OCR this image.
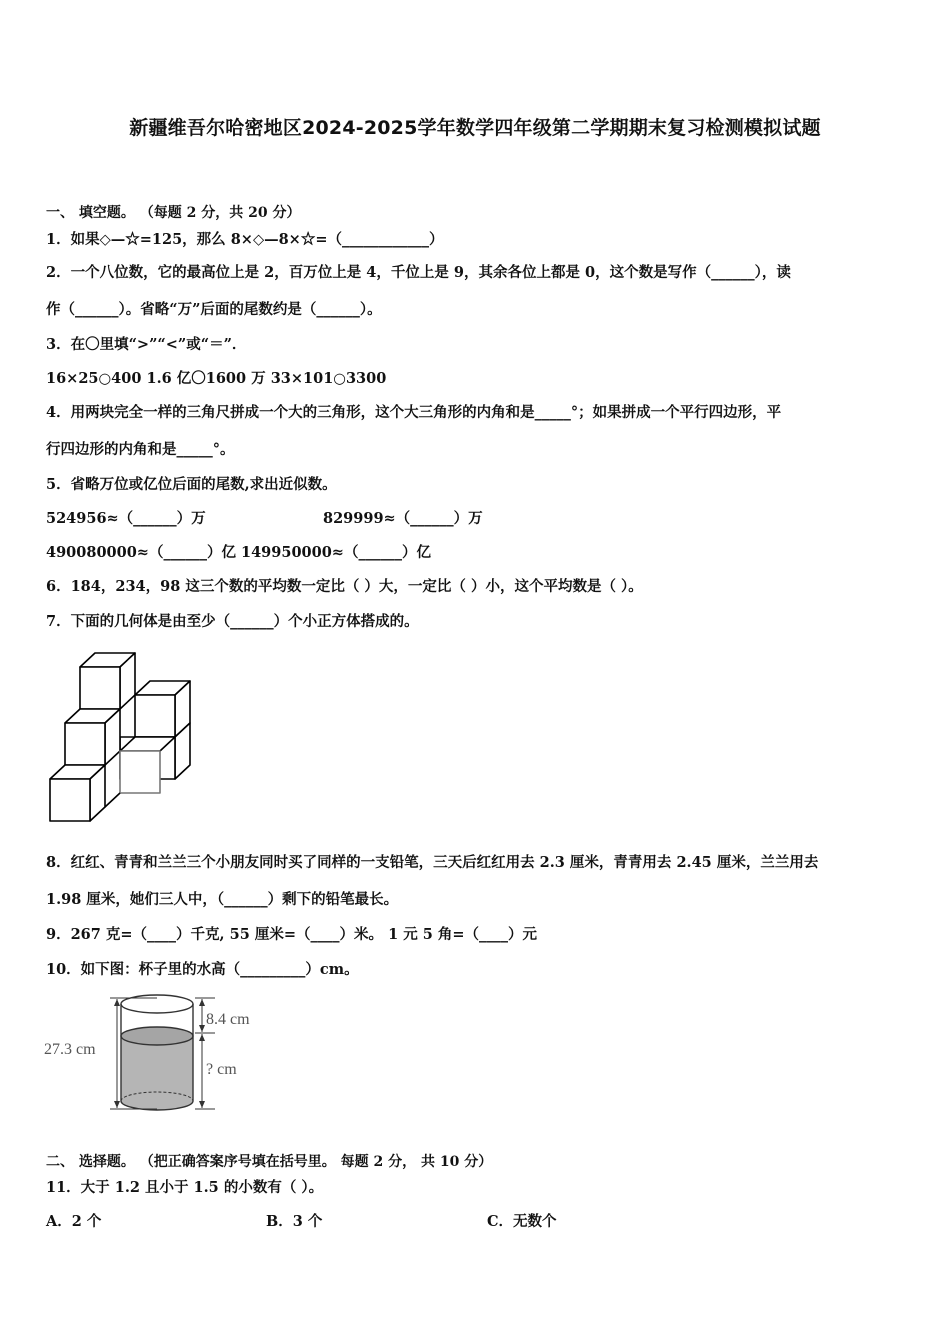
新疆维吾尔哈密地区2024-2025学年数学四年级第二学期期末复习检测模拟试题
一、 填空题。 （每题 2 分，共 20 分）
1．如果◇—☆=125，那么 8×◇—8×☆=（____________）
2．一个八位数，它的最高位上是 2，百万位上是 4，千位上是 9，其余各位上都是 0，这个数是写作（______），读
作（______）。省略“万”后面的尾数约是（______）。
3．在〇里填“>”“<”或“＝”．
16×25○400 1.6 亿〇1600 万 33×101○3300
4．用两块完全一样的三角尺拼成一个大的三角形，这个大三角形的内角和是_____°；如果拼成一个平行四边形，平
行四边形的内角和是_____°。
5．省略万位或亿位后面的尾数,求出近似数。
524956≈（______）万	829999≈（______）万
490080000≈（______）亿 149950000≈（______）亿
6．184，234，98 这三个数的平均数一定比（ ）大，一定比（ ）小，这个平均数是（ ）。
7．下面的几何体是由至少（______）个小正方体搭成的。
8．红红、青青和兰兰三个小朋友同时买了同样的一支铅笔，三天后红红用去 2.3 厘米，青青用去 2.45 厘米，兰兰用去
1.98 厘米，她们三人中，（______）剩下的铅笔最长。
9．267 克=（____）千克, 55 厘米=（____）米。 1 元 5 角=（____）元
10．如下图：杯子里的水高（_________）cm。
27.3 cm
8.4 cm
? cm
二、 选择题。 （把正确答案序号填在括号里。 每题 2 分， 共 10 分）
11．大于 1.2 且小于 1.5 的小数有（ ）。
A．2 个	B．3 个	C．无数个
